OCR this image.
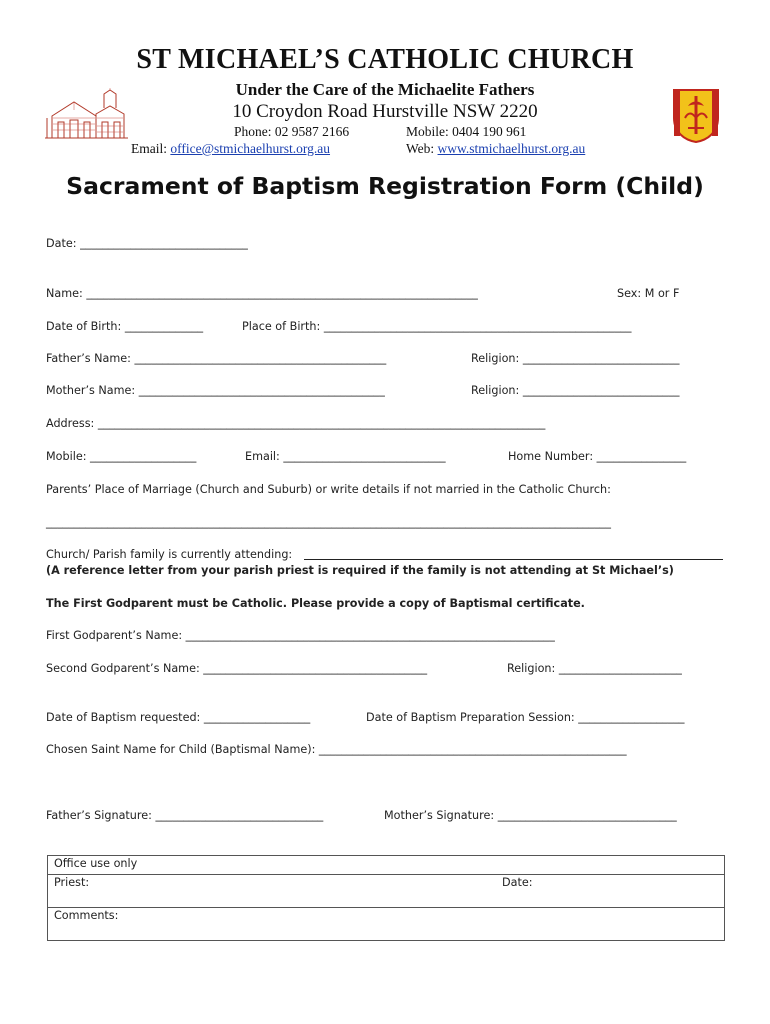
ST MICHAEL’S CATHOLIC CHURCH
Under the Care of the Michaelite Fathers
10 Croydon Road Hurstville NSW 2220
Phone: 02 9587 2166	Mobile: 0404 190 961
Email: office@stmichaelhurst.org.au	Web: www.stmichaelhurst.org.au
Sacrament of Baptism Registration Form (Child)
Date: ______________________________
Name: ______________________________________________________________________	Sex: M or F
Date of Birth: ______________	Place of Birth: _______________________________________________________
Father’s Name: _____________________________________________	Religion: ____________________________
Mother’s Name: ____________________________________________	Religion: ____________________________
Address: ________________________________________________________________________________
Mobile: ___________________	Email: _____________________________	Home Number: ________________
Parents’ Place of Marriage (Church and Suburb) or write details if not married in the Catholic Church:
_____________________________________________________________________________________________________
Church/ Parish family is currently attending:
(A reference letter from your parish priest is required if the family is not attending at St Michael’s)
The First Godparent must be Catholic. Please provide a copy of Baptismal certificate.
First Godparent’s Name: __________________________________________________________________
Second Godparent’s Name: ________________________________________	Religion: ______________________
Date of Baptism requested: ___________________	Date of Baptism Preparation Session: ___________________
Chosen Saint Name for Child (Baptismal Name): _______________________________________________________
Father’s Signature: ______________________________	Mother’s Signature: ________________________________
Office use only
Priest:	Date:
Comments:
